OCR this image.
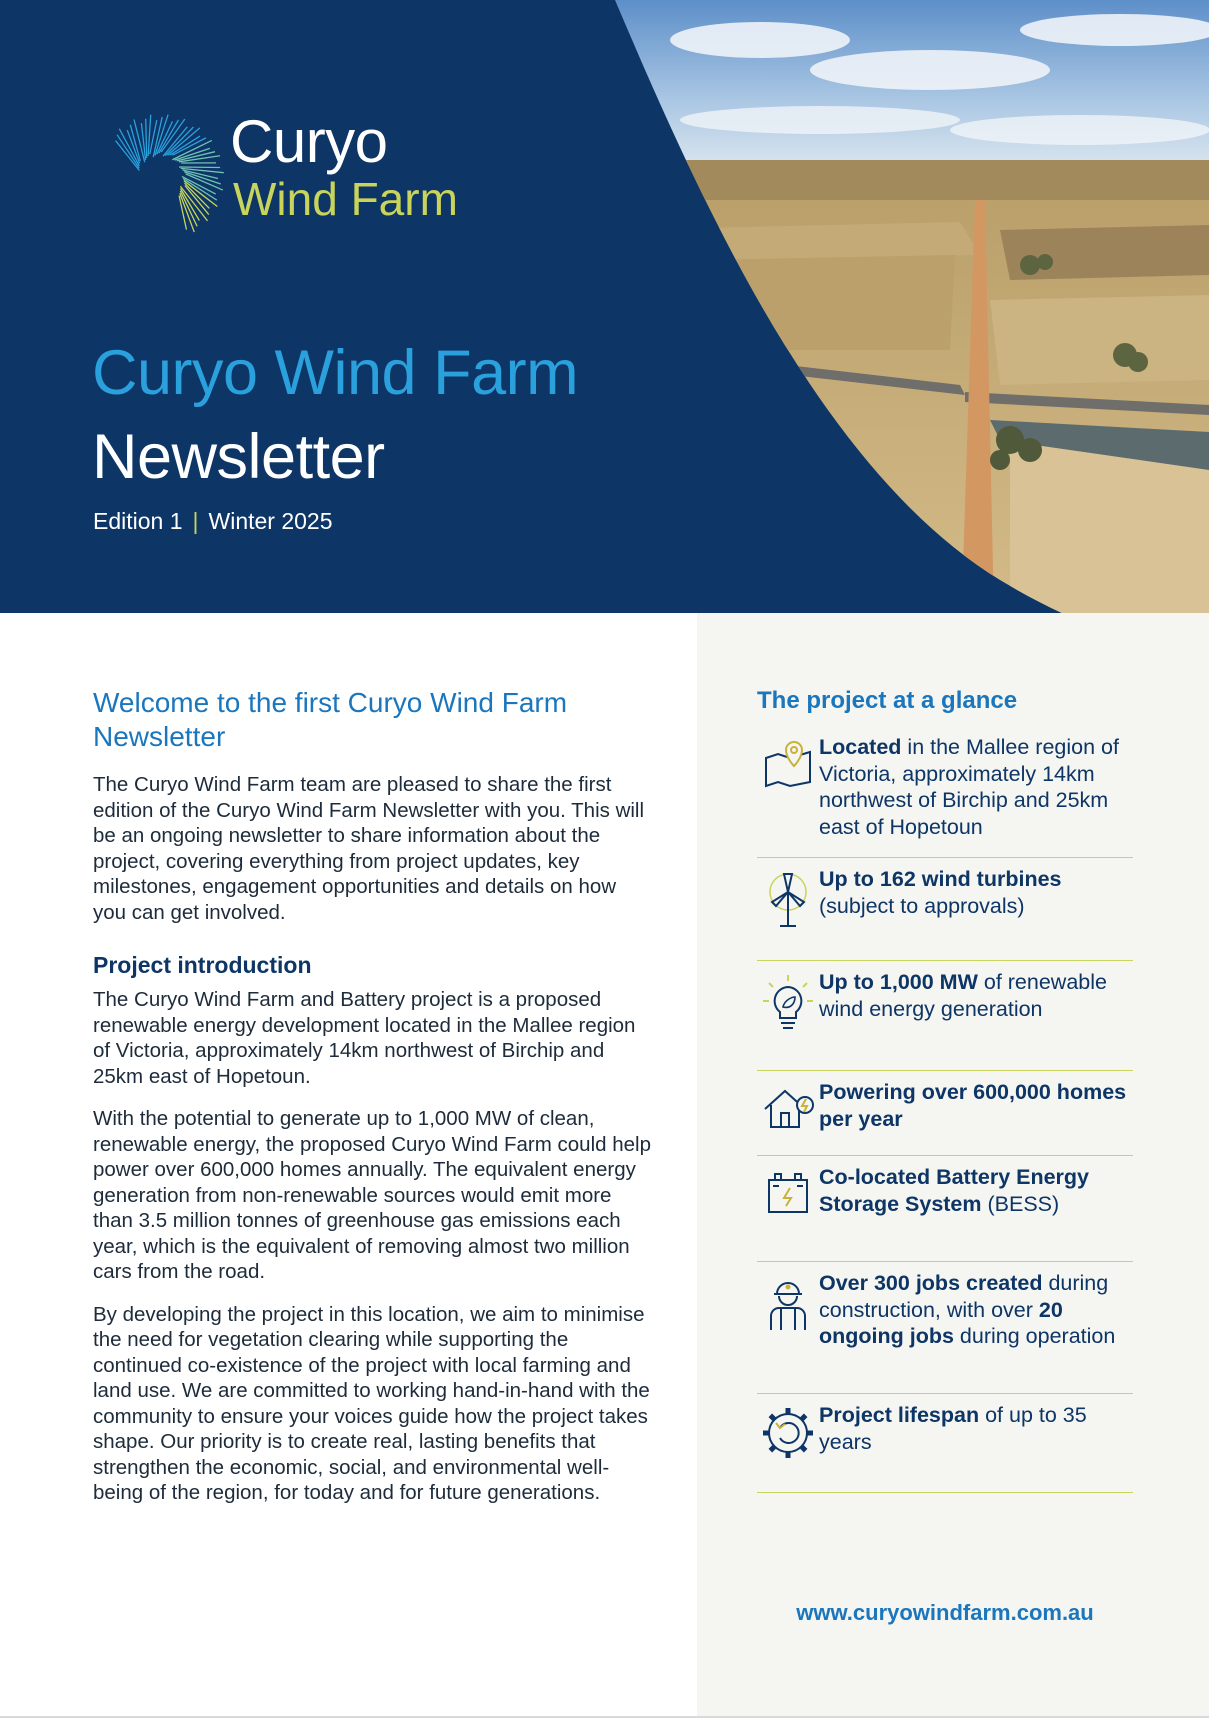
Curyo
Wind Farm
Curyo Wind Farm
Newsletter
Edition 1 | Winter 2025
Welcome to the first Curyo Wind Farm Newsletter

The Curyo Wind Farm team are pleased to share the first edition of the Curyo Wind Farm Newsletter with you. This will be an ongoing newsletter to share information about the project, covering everything from project updates, key milestones, engagement opportunities and details on how you can get involved.

Project introduction

The Curyo Wind Farm and Battery project is a proposed renewable energy development located in the Mallee region of Victoria, approximately 14km northwest of Birchip and 25km east of Hopetoun.

With the potential to generate up to 1,000 MW of clean, renewable energy, the proposed Curyo Wind Farm could help power over 600,000 homes annually. The equivalent energy generation from non-renewable sources would emit more than 3.5 million tonnes of greenhouse gas emissions each year, which is the equivalent of removing almost two million cars from the road.

By developing the project in this location, we aim to minimise the need for vegetation clearing while supporting the continued co-existence of the project with local farming and land use. We are committed to working hand-in-hand with the community to ensure your voices guide how the project takes shape. Our priority is to create real, lasting benefits that strengthen the economic, social, and environmental well-being of the region, for today and for future generations.

The project at a glance
Located in the Mallee region of Victoria, approximately 14km northwest of Birchip and 25km east of Hopetoun
Up to 162 wind turbines (subject to approvals)
Up to 1,000 MW of renewable wind energy generation
Powering over 600,000 homes per year
Co-located Battery Energy Storage System (BESS)
Over 300 jobs created during construction, with over 20 ongoing jobs during operation
Project lifespan of up to 35 years
www.curyowindfarm.com.au
